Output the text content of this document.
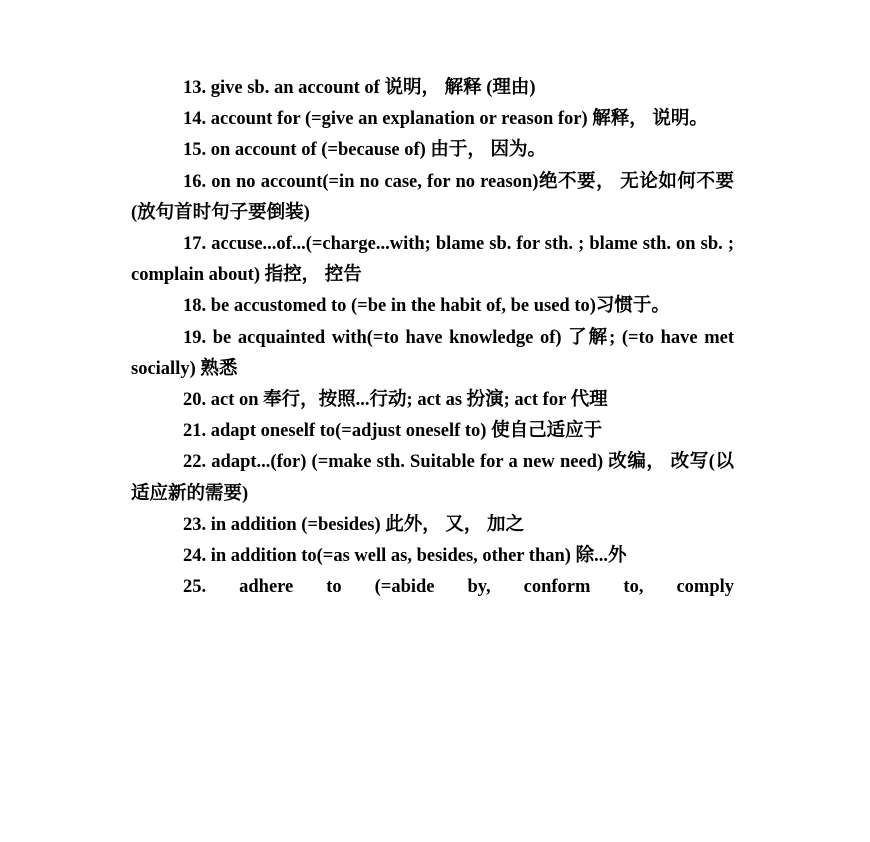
13. give sb. an account of 说明， 解释 (理由)

14. account for (=give an explanation or reason for) 解释， 说明。

15. on account of (=because of) 由于， 因为。

16. on no account(=in no case, for no reason)绝不要， 无论如何不要(放句首时句子要倒装)

17. accuse...of...(=charge...with; blame sb. for sth. ; blame sth. on sb. ; complain about) 指控， 控告

18. be accustomed to (=be in the habit of, be used to)习惯于。

19. be acquainted with(=to have knowledge of) 了解; (=to have met socially) 熟悉

20. act on 奉行，按照...行动; act as 扮演; act for 代理

21. adapt oneself to(=adjust oneself to) 使自己适应于

22. adapt...(for) (=make sth. Suitable for a new need) 改编， 改写(以适应新的需要)

23. in addition (=besides) 此外， 又， 加之

24. in addition to(=as well as, besides, other than) 除...外

25. adhere to (=abide by, conform to, comply
